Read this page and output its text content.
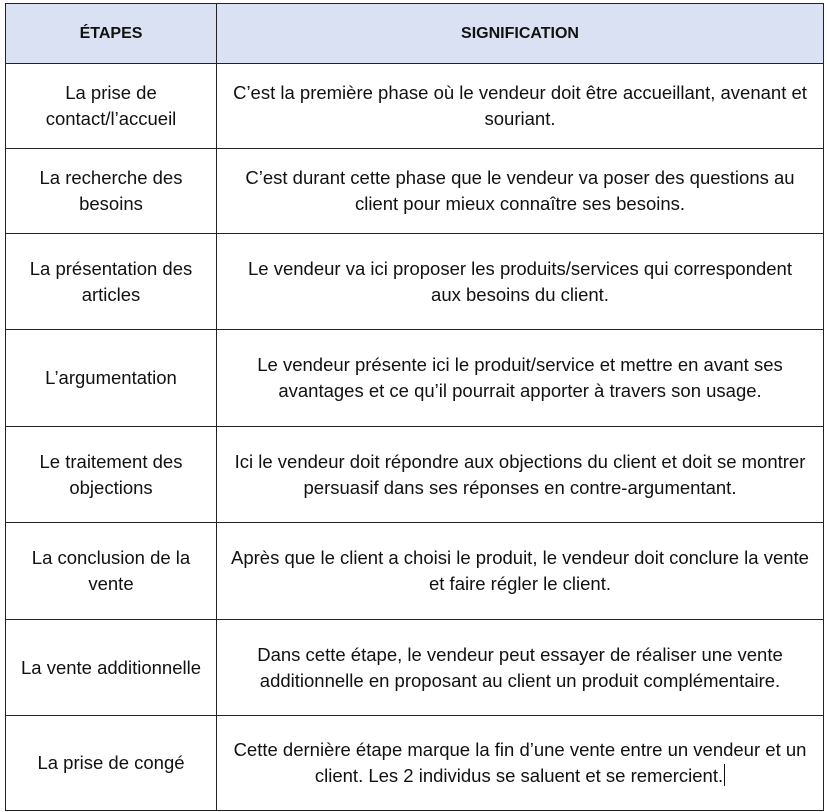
ÉTAPES	SIGNIFICATION
La prise de contact/l’accueil	C’est la première phase où le vendeur doit être accueillant, avenant et souriant.
La recherche des besoins	C’est durant cette phase que le vendeur va poser des questions au client pour mieux connaître ses besoins.
La présentation des articles	Le vendeur va ici proposer les produits/services qui correspondent aux besoins du client.
L’argumentation	Le vendeur présente ici le produit/service et mettre en avant ses avantages et ce qu’il pourrait apporter à travers son usage.
Le traitement des objections	Ici le vendeur doit répondre aux objections du client et doit se montrer persuasif dans ses réponses en contre-argumentant.
La conclusion de la vente	Après que le client a choisi le produit, le vendeur doit conclure la vente et faire régler le client.
La vente additionnelle	Dans cette étape, le vendeur peut essayer de réaliser une vente additionnelle en proposant au client un produit complémentaire.
La prise de congé	Cette dernière étape marque la fin d’une vente entre un vendeur et un client. Les 2 individus se saluent et se remercient.
